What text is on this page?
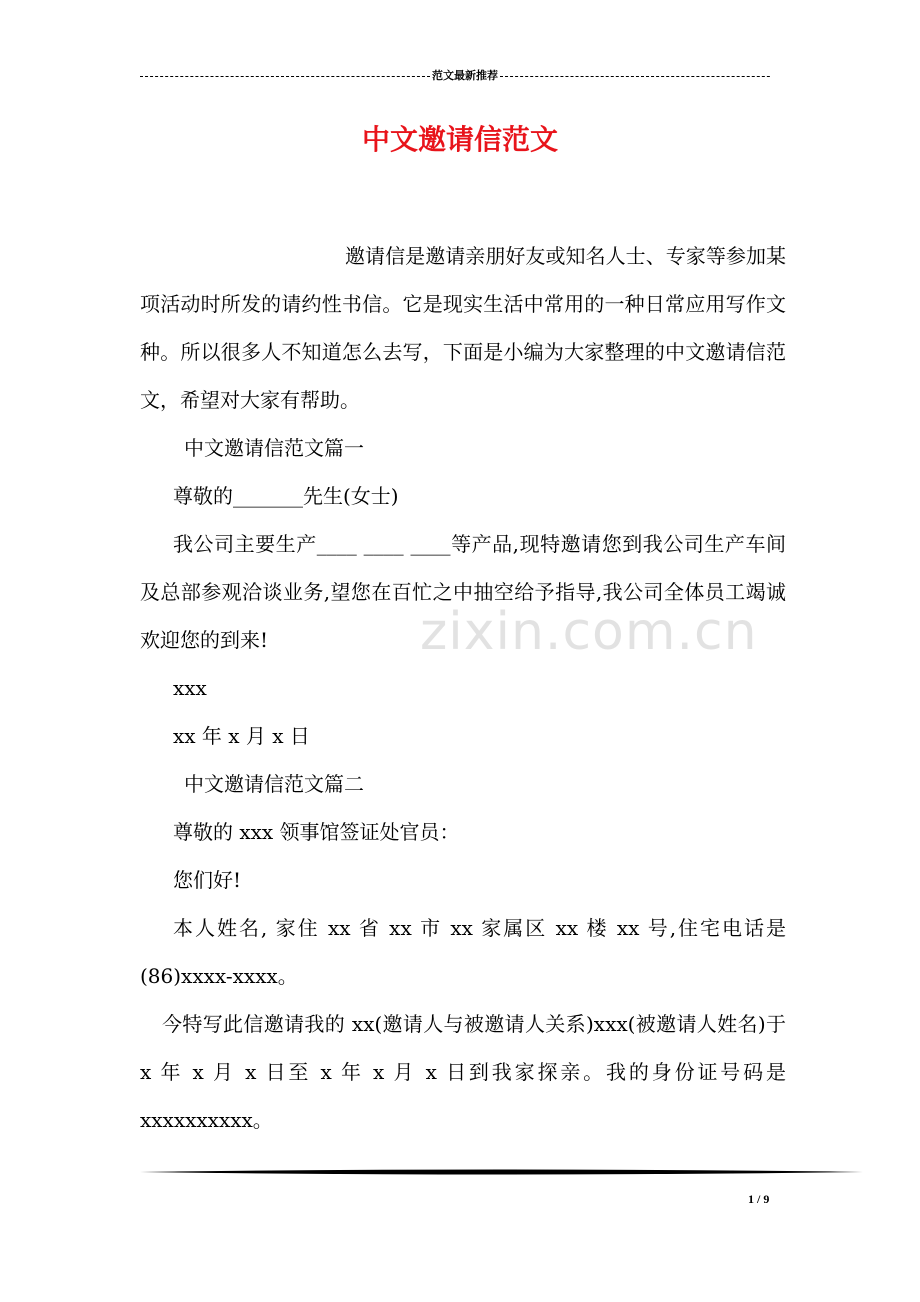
范文最新推荐
中文邀请信范文
zixin.com.cn

邀请信是邀请亲朋好友或知名人士、专家等参加某项活动时所发的请约性书信。它是现实生活中常用的一种日常应用写作文种。所以很多人不知道怎么去写，下面是小编为大家整理的中文邀请信范文，希望对大家有帮助。

中文邀请信范文篇一

尊敬的_______先生(女士)

我公司主要生产____ ____ ____等产品,现特邀请您到我公司生产车间及总部参观洽谈业务,望您在百忙之中抽空给予指导,我公司全体员工竭诚欢迎您的到来!

xxx

xx 年 x 月 x 日

中文邀请信范文篇二

尊敬的 xxx 领事馆签证处官员：

您们好!

本人姓名, 家住 xx 省 xx 市 xx 家属区 xx 楼 xx 号,住宅电话是(86)xxxx-xxxx。

今特写此信邀请我的 xx(邀请人与被邀请人关系)xxx(被邀请人姓名)于 x 年 x 月 x 日至 x 年 x 月 x 日到我家探亲。我的身份证号码是 xxxxxxxxxx。

1 / 9
